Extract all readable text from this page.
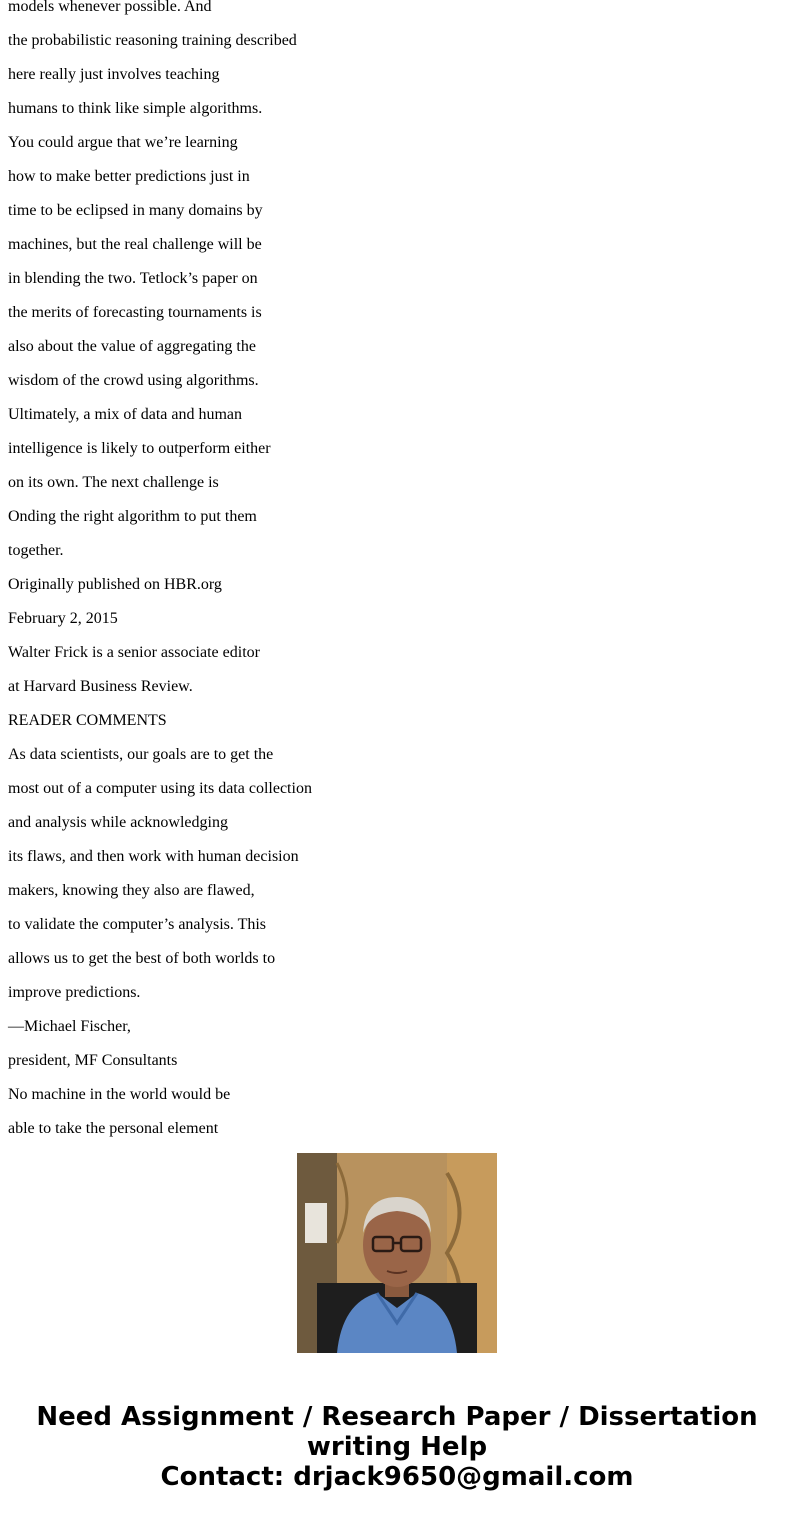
models whenever possible. And

the probabilistic reasoning training described

here really just involves teaching

humans to think like simple algorithms.

You could argue that we’re learning

how to make better predictions just in

time to be eclipsed in many domains by

machines, but the real challenge will be

in blending the two. Tetlock’s paper on

the merits of forecasting tournaments is

also about the value of aggregating the

wisdom of the crowd using algorithms.

Ultimately, a mix of data and human

intelligence is likely to outperform either

on its own. The next challenge is

Onding the right algorithm to put them

together.

Originally published on HBR.org

February 2, 2015

Walter Frick is a senior associate editor

at Harvard Business Review.

READER COMMENTS

As data scientists, our goals are to get the

most out of a computer using its data collection

and analysis while acknowledging

its flaws, and then work with human decision

makers, knowing they also are flawed,

to validate the computer’s analysis. This

allows us to get the best of both worlds to

improve predictions.

—Michael Fischer,

president, MF Consultants

No machine in the world would be

able to take the personal element

Need Assignment / Research Paper / Dissertation
writing Help
Contact: drjack9650@gmail.com
